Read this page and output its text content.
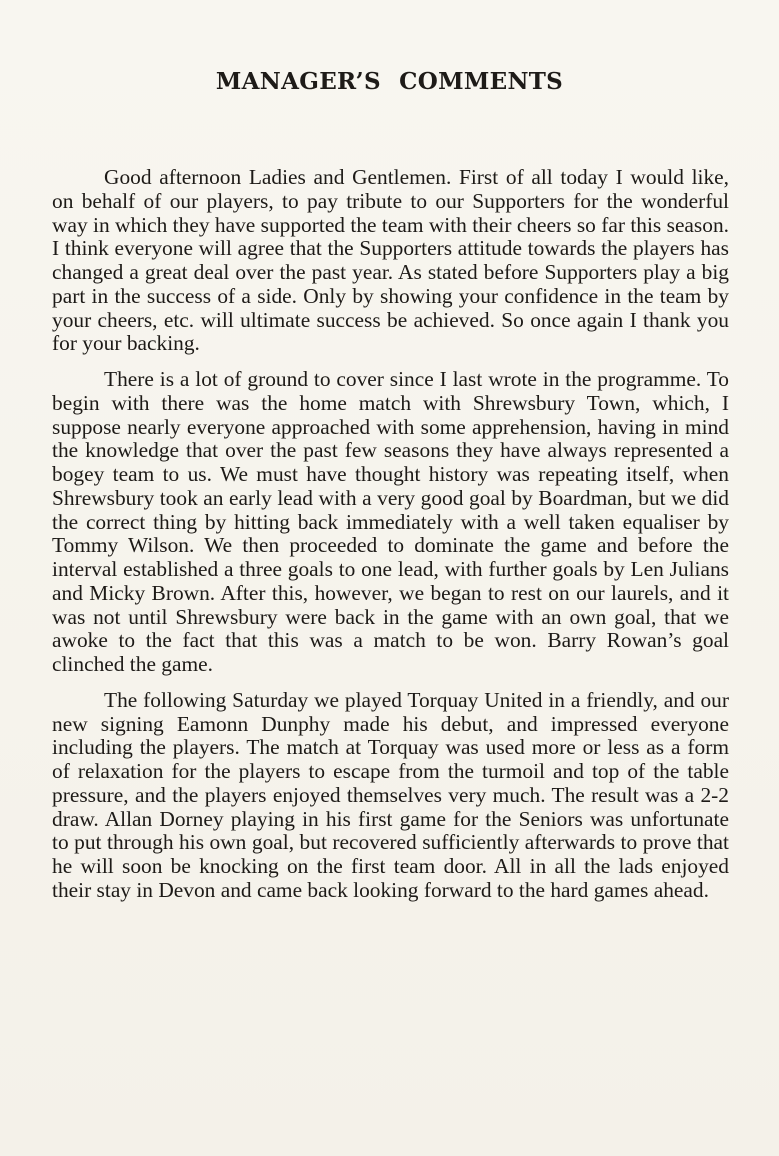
MANAGER’S COMMENTS

Good afternoon Ladies and Gentlemen. First of all today I would like, on behalf of our players, to pay tribute to our Supporters for the wonderful way in which they have supported the team with their cheers so far this season. I think everyone will agree that the Supporters attitude towards the players has changed a great deal over the past year. As stated before Supporters play a big part in the success of a side. Only by showing your confidence in the team by your cheers, etc. will ultimate success be achieved. So once again I thank you for your backing.

There is a lot of ground to cover since I last wrote in the programme. To begin with there was the home match with Shrewsbury Town, which, I suppose nearly everyone approached with some apprehension, having in mind the knowledge that over the past few seasons they have always represented a bogey team to us. We must have thought history was repeating itself, when Shrewsbury took an early lead with a very good goal by Boardman, but we did the correct thing by hitting back immediately with a well taken equaliser by Tommy Wilson. We then proceeded to dominate the game and before the interval established a three goals to one lead, with further goals by Len Julians and Micky Brown. After this, however, we began to rest on our laurels, and it was not until Shrewsbury were back in the game with an own goal, that we awoke to the fact that this was a match to be won. Barry Rowan’s goal clinched the game.

The following Saturday we played Torquay United in a friendly, and our new signing Eamonn Dunphy made his debut, and impressed everyone including the players. The match at Torquay was used more or less as a form of relaxation for the players to escape from the turmoil and top of the table pressure, and the players enjoyed themselves very much. The result was a 2-2 draw. Allan Dorney playing in his first game for the Seniors was unfortunate to put through his own goal, but recovered sufficiently afterwards to prove that he will soon be knocking on the first team door. All in all the lads enjoyed their stay in Devon and came back looking forward to the hard games ahead.
